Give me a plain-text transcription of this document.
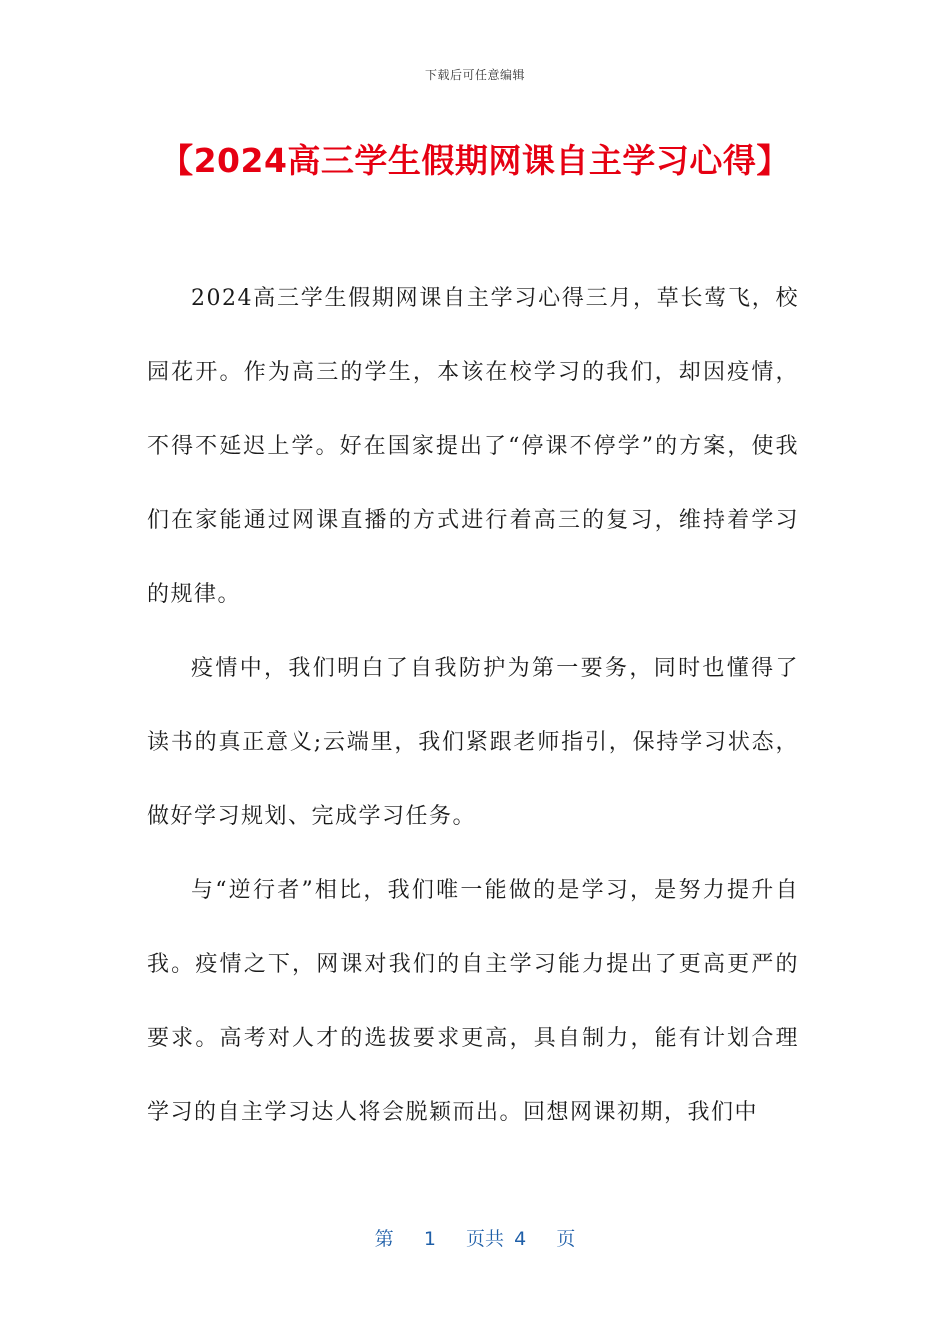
下载后可任意编辑
【2024高三学生假期网课自主学习心得】

2024高三学生假期网课自主学习心得三月，草长莺飞，校园花开。作为高三的学生，本该在校学习的我们，却因疫情，不得不延迟上学。好在国家提出了“停课不停学”的方案，使我们在家能通过网课直播的方式进行着高三的复习，维持着学习的规律。

疫情中，我们明白了自我防护为第一要务，同时也懂得了读书的真正意义;云端里，我们紧跟老师指引，保持学习状态，做好学习规划、完成学习任务。

与“逆行者”相比，我们唯一能做的是学习，是努力提升自我。疫情之下，网课对我们的自主学习能力提出了更高更严的要求。高考对人才的选拔要求更高，具自制力，能有计划合理学习的自主学习达人将会脱颖而出。回想网课初期，我们中

第 1 页共 4 页
